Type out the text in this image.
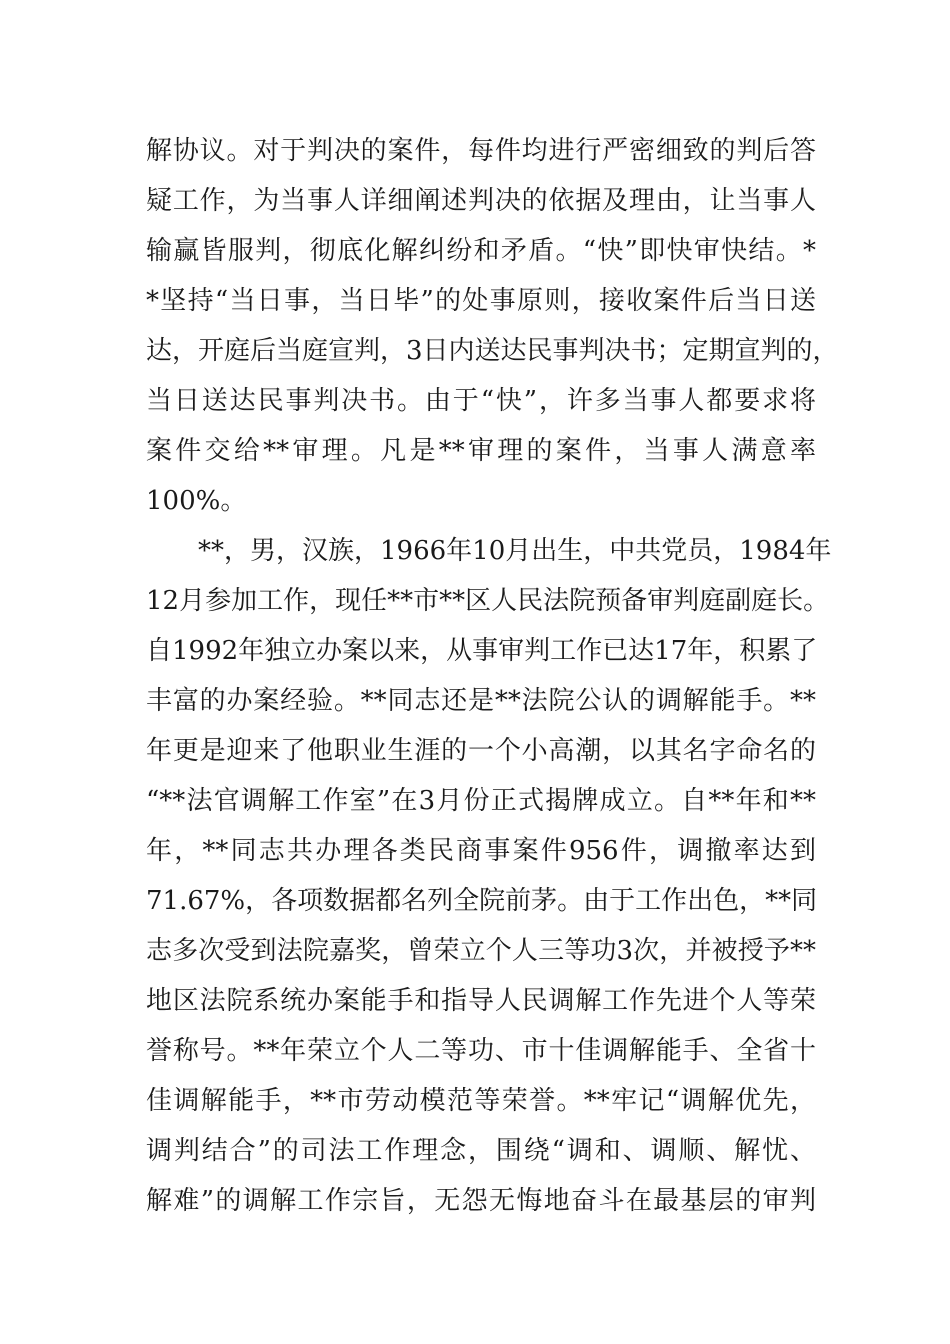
解协议。对于判决的案件，每件均进行严密细致的判后答
疑工作，为当事人详细阐述判决的依据及理由，让当事人
输赢皆服判，彻底化解纠纷和矛盾。“快”即快审快结。*
*坚持“当日事，当日毕”的处事原则，接收案件后当日送
达，开庭后当庭宣判，3日内送达民事判决书；定期宣判的，
当日送达民事判决书。由于“快”，许多当事人都要求将
案件交给**审理。凡是**审理的案件，当事人满意率
100%。
　　**，男，汉族，1966年10月出生，中共党员，1984年
12月参加工作，现任**市**区人民法院预备审判庭副庭长。
自1992年独立办案以来，从事审判工作已达17年，积累了
丰富的办案经验。**同志还是**法院公认的调解能手。**
年更是迎来了他职业生涯的一个小高潮，以其名字命名的
“**法官调解工作室”在3月份正式揭牌成立。自**年和**
年，**同志共办理各类民商事案件956件，调撤率达到
71.67%，各项数据都名列全院前茅。由于工作出色，**同
志多次受到法院嘉奖，曾荣立个人三等功3次，并被授予**
地区法院系统办案能手和指导人民调解工作先进个人等荣
誉称号。**年荣立个人二等功、市十佳调解能手、全省十
佳调解能手，**市劳动模范等荣誉。**牢记“调解优先，
调判结合”的司法工作理念，围绕“调和、调顺、解忧、
解难”的调解工作宗旨，无怨无悔地奋斗在最基层的审判
